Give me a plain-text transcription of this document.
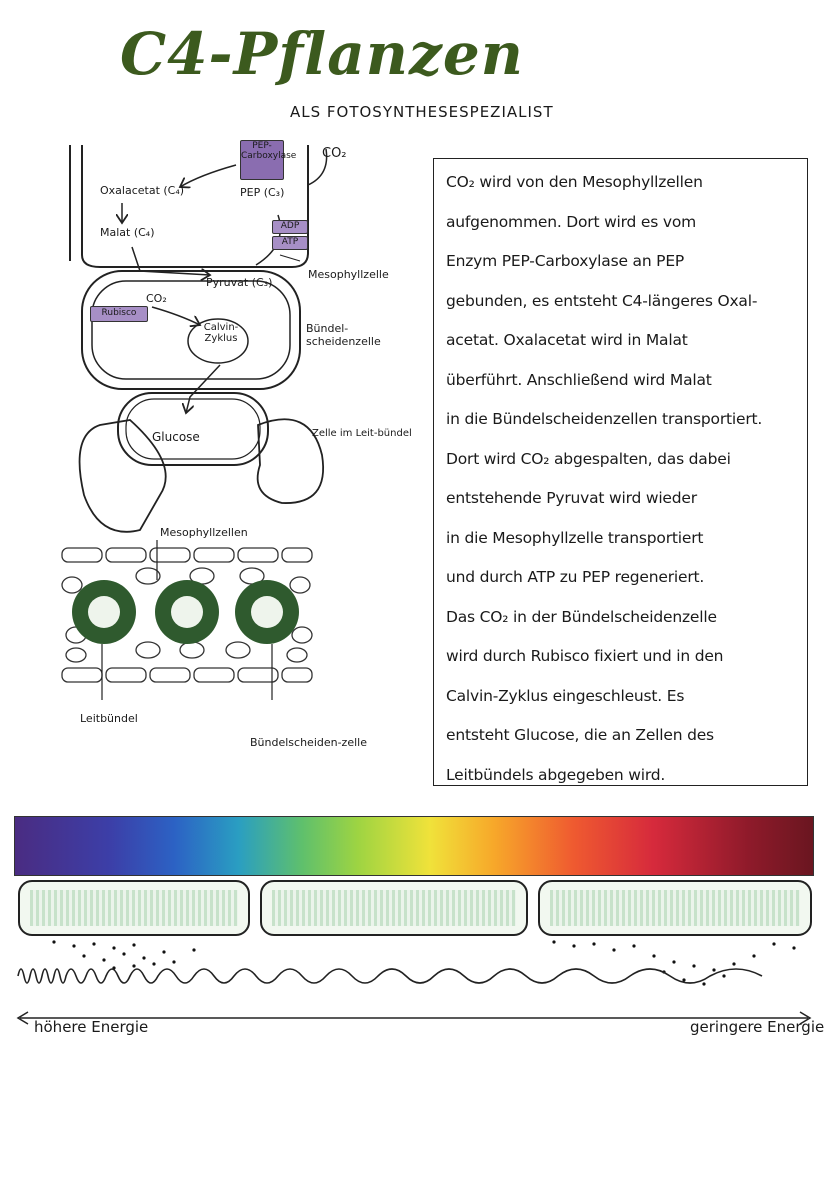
C4-Pflanzen
ALS FOTOSYNTHESESPEZIALIST
PEP-Carboxylase CO₂
Oxalacetat (C₄)	PEP (C₃)
Malat (C₄)	ADP
ATP
Pyruvat (C₃)
Mesophyllzelle
CO₂
Rubisco
Calvin-Zyklus
Bündel-scheidenzelle
Glucose	Zelle im Leit-bündel
Mesophyllzellen
Leitbündel
Bündelscheiden-zelle

CO₂ wird von den Mesophyllzellen

aufgenommen. Dort wird es vom

Enzym PEP-Carboxylase an PEP

gebunden, es entsteht C4-längeres Oxal-

acetat. Oxalacetat wird in Malat

überführt. Anschließend wird Malat

in die Bündelscheidenzellen transportiert.

Dort wird CO₂ abgespalten, das dabei

entstehende Pyruvat wird wieder

in die Mesophyllzelle transportiert

und durch ATP zu PEP regeneriert.

Das CO₂ in der Bündelscheidenzelle

wird durch Rubisco fixiert und in den

Calvin-Zyklus eingeschleust. Es

entsteht Glucose, die an Zellen des

Leitbündels abgegeben wird.

höhere Energie	geringere Energie
